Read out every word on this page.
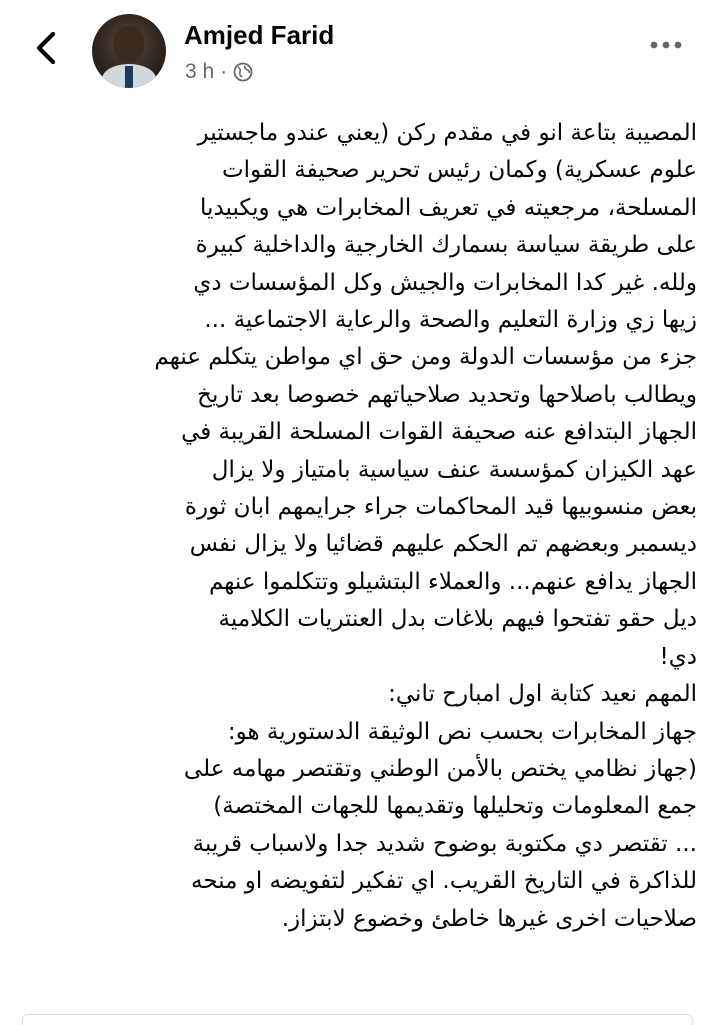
Amjed Farid
3 h ·

المصيبة بتاعة انو في مقدم ركن (يعني عندو ماجستير

علوم عسكرية) وكمان رئيس تحرير صحيفة القوات

المسلحة، مرجعيته في تعريف المخابرات هي ويكبيديا

على طريقة سياسة بسمارك الخارجية والداخلية كبيرة

ولله. غير كدا المخابرات والجيش وكل المؤسسات دي

زيها زي وزارة التعليم والصحة والرعاية الاجتماعية ...

جزء من مؤسسات الدولة ومن حق اي مواطن يتكلم عنهم

ويطالب باصلاحها وتحديد صلاحياتهم خصوصا بعد تاريخ

الجهاز البتدافع عنه صحيفة القوات المسلحة القريبة في

عهد الكيزان كمؤسسة عنف سياسية بامتياز ولا يزال

بعض منسوبيها قيد المحاكمات جراء جرايمهم ابان ثورة

ديسمبر وبعضهم تم الحكم عليهم قضائيا ولا يزال نفس

الجهاز يدافع عنهم... والعملاء البتشيلو وتتكلموا عنهم

ديل حقو تفتحوا فيهم بلاغات بدل العنتريات الكلامية

دي!

المهم نعيد كتابة اول امبارح تاني:

جهاز المخابرات بحسب نص الوثيقة الدستورية هو:

(جهاز نظامي يختص بالأمن الوطني وتقتصر مهامه على

جمع المعلومات وتحليلها وتقديمها للجهات المختصة)

... تقتصر دي مكتوبة بوضوح شديد جدا ولاسباب قريبة

للذاكرة في التاريخ القريب. اي تفكير لتفويضه او منحه

صلاحيات اخرى غيرها خاطئ وخضوع لابتزاز.
